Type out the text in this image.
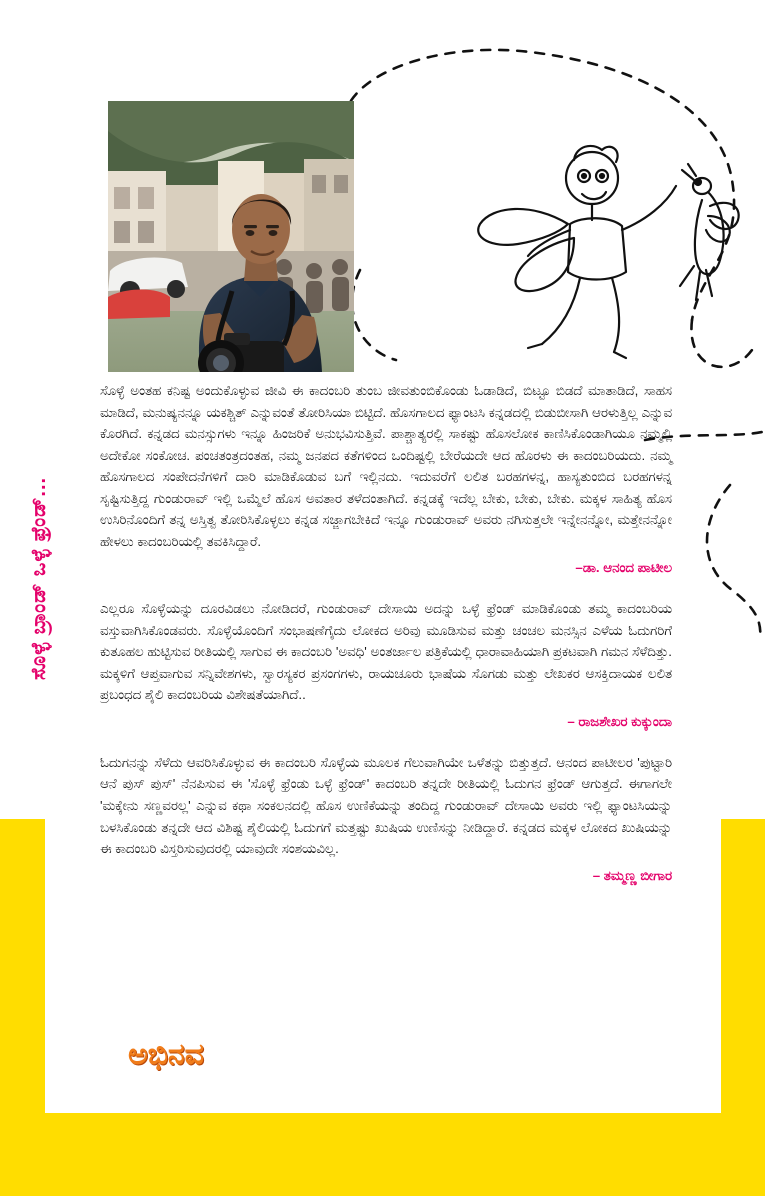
ಸೊಳ್ಳೆ ಬ್ರಾಂಡ್ ಒಳ್ಳೆ ಫ್ರೆಂಡ್...

ಸೊಳ್ಳೆ ಅಂತಹ ಕನಿಷ್ಟ ಅಂದುಕೊಳ್ಳುವ ಜೀವಿ ಈ ಕಾದಂಬರಿ ತುಂಬ ಜೀವತುಂಬಿಕೊಂಡು ಓಡಾಡಿದೆ, ಬಿಟ್ಟೂ ಬಿಡದೆ ಮಾತಾಡಿದೆ, ಸಾಹಸ ಮಾಡಿದೆ, ಮನುಷ್ಯನನ್ನೂ ಯಕಶ್ಚಿತ್ ಎನ್ನುವಂತೆ ತೋರಿಸಿಯಾ ಬಿಟ್ಟಿದೆ. ಹೊಸಗಾಲದ ಫ್ಯಾಂಟಸಿ ಕನ್ನಡದಲ್ಲಿ ಬಿಡುಬೀಸಾಗಿ ಆರಳುತ್ತಿಲ್ಲ ಎನ್ನುವ ಕೊರಗಿದೆ. ಕನ್ನಡದ ಮನಸ್ಸುಗಳು ಇನ್ನೂ ಹಿಂಜರಿಕೆ ಅನುಭವಿಸುತ್ತಿವೆ. ಪಾಶ್ಚಾತ್ಯರಲ್ಲಿ ಸಾಕಷ್ಟು ಹೊಸಲೋಕ ಕಾಣಿಸಿಕೊಂಡಾಗಿಯೂ ನಮ್ಮಲ್ಲಿ ಅದೇಕೋ ಸಂಕೋಚ. ಪಂಚತಂತ್ರದಂತಹ, ನಮ್ಮ ಜನಪದ ಕತೆಗಳಿಂದ ಒಂದಿಷ್ಟಲ್ಲಿ ಬೇರೆಯದೇ ಆದ ಹೊರಳು ಈ ಕಾದಂಬರಿಯದು. ನಮ್ಮ ಹೊಸಗಾಲದ ಸಂಪೇದನೆಗಳಿಗೆ ದಾರಿ ಮಾಡಿಕೊಡುವ ಬಗೆ ಇಲ್ಲಿನದು. ಇದುವರೆಗೆ ಲಲಿತ ಬರಹಗಳನ್ನ, ಹಾಸ್ಯತುಂಬಿದ ಬರಹಗಳನ್ನ ಸೃಷ್ಟಿಸುತ್ತಿದ್ದ ಗುಂಡುರಾವ್ ಇಲ್ಲಿ ಒಮ್ಮೆಲೆ ಹೊಸ ಅವತಾರ ತಳೆದಂತಾಗಿದೆ. ಕನ್ನಡಕ್ಕೆ ಇದೆಲ್ಲ ಬೇಕು, ಬೇಕು, ಬೇಕು. ಮಕ್ಕಳ ಸಾಹಿತ್ಯ ಹೊಸ ಉಸಿರಿನೊಂದಿಗೆ ತನ್ನ ಅಸ್ತಿತ್ವ ತೋರಿಸಿಕೊಳ್ಳಲು ಕನ್ನಡ ಸಜ್ಜಾಗಬೇಕಿದೆ ಇನ್ನೂ ಗುಂಡುರಾವ್ ಅವರು ನಗಿಸುತ್ತಲೇ ಇನ್ನೇನನ್ನೋ, ಮತ್ತೇನನ್ನೋ ಹೇಳಲು ಕಾದಂಬರಿಯಲ್ಲಿ ತವಕಿಸಿದ್ದಾರೆ.

–ಡಾ. ಆನಂದ ಪಾಟೀಲ

ಎಲ್ಲರೂ ಸೊಳ್ಳೆಯನ್ನು ದೂರವಿಡಲು ನೋಡಿದರೆ, ಗುಂಡುರಾವ್ ದೇಸಾಯಿ ಅದನ್ನು ಒಳ್ಳೆ ಫ್ರೆಂಡ್ ಮಾಡಿಕೊಂಡು ತಮ್ಮ ಕಾದಂಬರಿಯ ವಸ್ತುವಾಗಿಸಿಕೊಂಡವರು. ಸೊಳ್ಳೆಯೊಂದಿಗೆ ಸಂಭಾಷಣೆಗೈದು ಲೋಕದ ಅರಿವು ಮೂಡಿಸುವ ಮತ್ತು ಚಂಚಲ ಮನಸ್ಸಿನ ಎಳೆಯ ಓದುಗರಿಗೆ ಕುತೂಹಲ ಹುಟ್ಟಿಸುವ ರೀತಿಯಲ್ಲಿ ಸಾಗುವ ಈ ಕಾದಂಬರಿ 'ಅವಧಿ' ಅಂತರ್ಜಾಲ ಪತ್ರಿಕೆಯಲ್ಲಿ ಧಾರಾವಾಹಿಯಾಗಿ ಪ್ರಕಟವಾಗಿ ಗಮನ ಸೆಳೆದಿತ್ತು. ಮಕ್ಕಳಿಗೆ ಆಪ್ತವಾಗುವ ಸನ್ನಿವೇಶಗಳು, ಸ್ವಾರಸ್ಯಕರ ಪ್ರಸಂಗಗಳು, ರಾಯಚೂರು ಭಾಷೆಯ ಸೊಗಡು ಮತ್ತು ಲೇಖಕರ ಆಸಕ್ತಿದಾಯಕ ಲಲಿತ ಪ್ರಬಂಧದ ಶೈಲಿ ಕಾದಂಬರಿಯ ವಿಶೇಷತೆಯಾಗಿದೆ..

– ರಾಜಶೇಖರ ಕುಕ್ಕುಂದಾ

ಓದುಗನನ್ನು ಸೆಳೆದು ಆವರಿಸಿಕೊಳ್ಳುವ ಈ ಕಾದಂಬರಿ ಸೊಳ್ಳೆಯ ಮೂಲಕ ಗೆಲುವಾಗಿಯೇ ಒಳೆತನ್ನು ಬಿತ್ತುತ್ತದೆ. ಆನಂದ ಪಾಟೀಲರ 'ಪುಟ್ಟಾರಿ ಆನೆ ಪುಸ್ ಪುಸ್' ನೆನಪಿಸುವ ಈ 'ಸೊಳ್ಳೆ ಫ್ರೆಂಡು ಒಳ್ಳೆ ಫ್ರೆಂಡ್' ಕಾದಂಬರಿ ತನ್ನದೇ ರೀತಿಯಲ್ಲಿ ಓದುಗನ ಫ್ರೆಂಡ್ ಆಗುತ್ತದೆ. ಈಗಾಗಲೇ 'ಮಕ್ಕೇನು ಸಣ್ಣವರಲ್ಲ' ಎನ್ನುವ ಕಥಾ ಸಂಕಲನದಲ್ಲಿ ಹೊಸ ಉಣಿಕೆಯನ್ನು ತಂದಿದ್ದ ಗುಂಡುರಾವ್ ದೇಸಾಯಿ ಅವರು ಇಲ್ಲಿ ಫ್ಯಾಂಟಸಿಯನ್ನು ಬಳಸಿಕೊಂಡು ತನ್ನದೇ ಆದ ವಿಶಿಷ್ಟ ಶೈಲಿಯಲ್ಲಿ ಓದುಗಗೆ ಮತ್ತಷ್ಟು ಖುಷಿಯ ಉಣಿಸನ್ನು ನೀಡಿದ್ದಾರೆ. ಕನ್ನಡದ ಮಕ್ಕಳ ಲೋಕದ ಖುಷಿಯನ್ನು ಈ ಕಾದಂಬರಿ ವಿಸ್ತರಿಸುವುದರಲ್ಲಿ ಯಾವುದೇ ಸಂಶಯವಿಲ್ಲ.

– ತಮ್ಮಣ್ಣ ಬೀಗಾರ

ಅಭಿನವ
